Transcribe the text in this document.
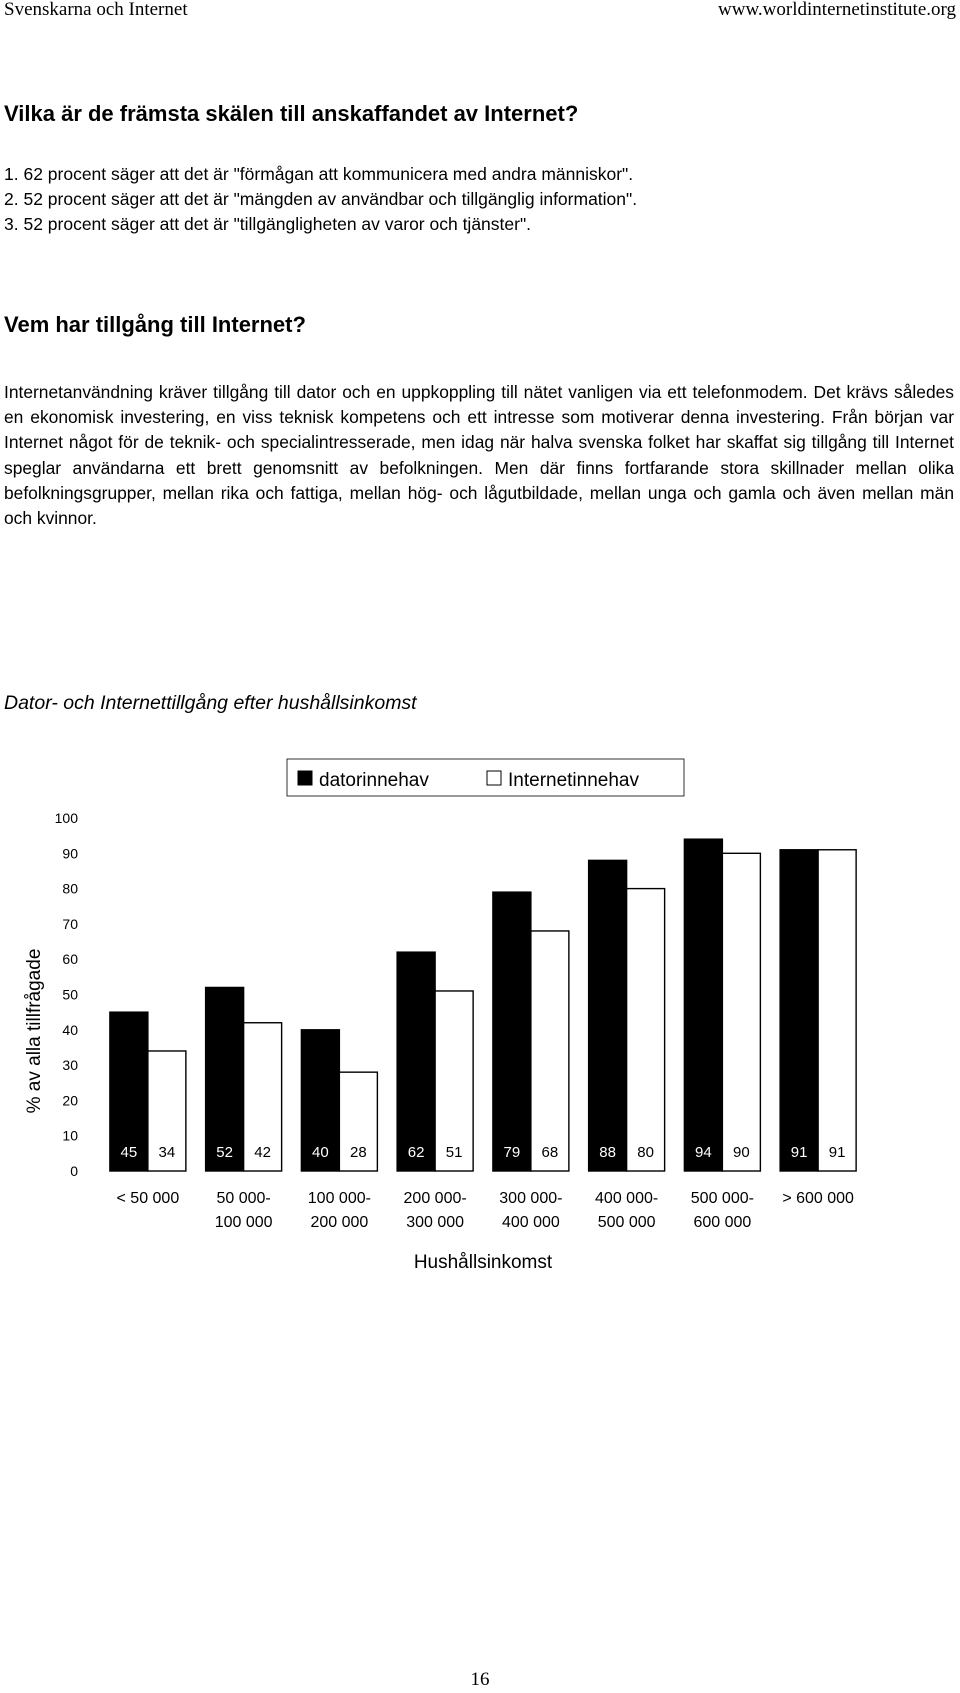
Svenskarna och Internet	www.worldinternetinstitute.org
Vilka är de främsta skälen till anskaffandet av Internet?
1. 62 procent säger att det är "förmågan att kommunicera med andra människor".
2. 52 procent säger att det är "mängden av användbar och tillgänglig information".
3. 52 procent säger att det är "tillgängligheten av varor och tjänster".
Vem har tillgång till Internet?

Internetanvändning kräver tillgång till dator och en uppkoppling till nätet vanligen via ett telefonmodem. Det krävs således en ekonomisk investering, en viss teknisk kompetens och ett intresse som motiverar denna investering. Från början var Internet något för de teknik- och specialintresserade, men idag när halva svenska folket har skaffat sig tillgång till Internet speglar användarna ett brett genomsnitt av befolkningen. Men där finns fortfarande stora skillnader mellan olika befolkningsgrupper, mellan rika och fattiga, mellan hög- och lågutbildade, mellan unga och gamla och även mellan män och kvinnor.

Dator- och Internettillgång efter hushållsinkomst
datorinnehav	Internetinnehav
0
10
20
30
40
50
60
70
80
90
100
% av alla tillfrågade
45 34
< 50 000
52 42
50 000-
100 000
40 28
100 000-
200 000
62 51
200 000-
300 000
79 68
300 000-
400 000
88 80
400 000-
500 000
94 90
500 000-
600 000
91 91
> 600 000
Hushållsinkomst
16
